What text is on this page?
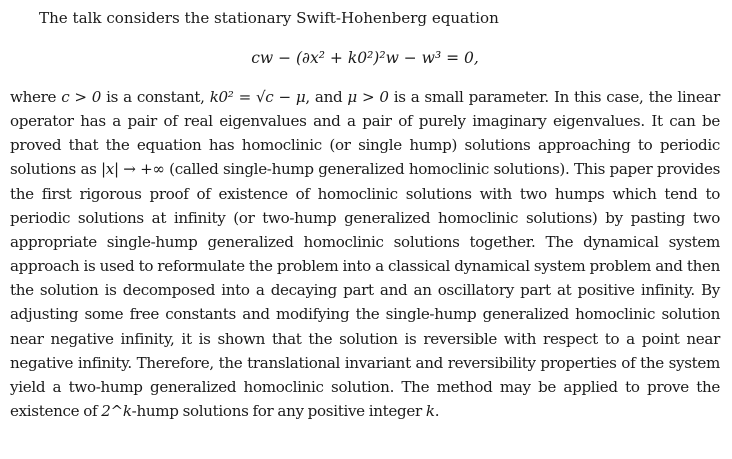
The talk considers the stationary Swift-Hohenberg equation
cw − (∂x² + k0²)²w − w³ = 0,

where c > 0 is a constant, k0² = √c − μ, and μ > 0 is a small parameter. In this case, the linear operator has a pair of real eigenvalues and a pair of purely imaginary eigenvalues. It can be proved that the equation has homoclinic (or single hump) solutions approaching to periodic solutions as |x| → +∞ (called single-hump generalized homoclinic solutions). This paper provides the first rigorous proof of existence of homoclinic solutions with two humps which tend to periodic solutions at infinity (or two-hump generalized homoclinic solutions) by pasting two appropriate single-hump generalized homoclinic solutions together. The dynamical system approach is used to reformulate the problem into a classical dynamical system problem and then the solution is decomposed into a decaying part and an oscillatory part at positive infinity. By adjusting some free constants and modifying the single-hump generalized homoclinic solution near negative infinity, it is shown that the solution is reversible with respect to a point near negative infinity. Therefore, the translational invariant and reversibility properties of the system yield a two-hump generalized homoclinic solution. The method may be applied to prove the existence of 2^k-hump solutions for any positive integer k.
